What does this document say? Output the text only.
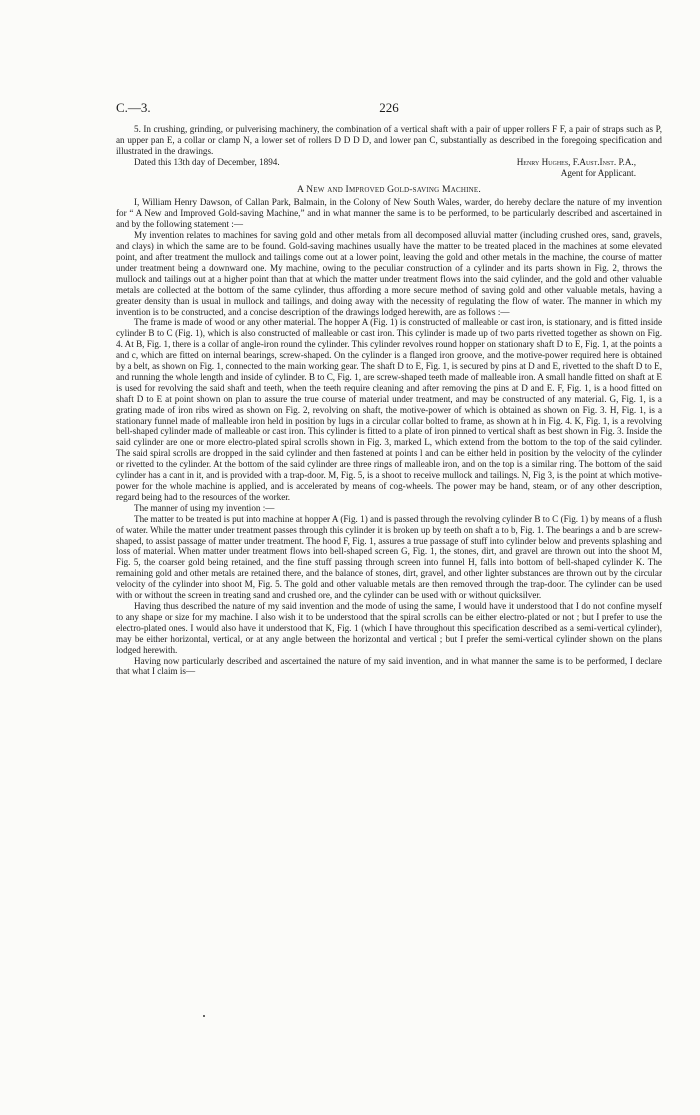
C.—3.	226

5. In crushing, grinding, or pulverising machinery, the combination of a vertical shaft with a pair of upper rollers F F, a pair of straps such as P, an upper pan E, a collar or clamp N, a lower set of rollers D D D D, and lower pan C, substantially as described in the foregoing specification and illustrated in the drawings.

Dated this 13th day of December, 1894.	Henry Hughes, F.Aust.Inst. P.A.,

Agent for Applicant.

A New and Improved Gold-saving Machine.

I, William Henry Dawson, of Callan Park, Balmain, in the Colony of New South Wales, warder, do hereby declare the nature of my invention for “ A New and Improved Gold-saving Machine,” and in what manner the same is to be performed, to be particularly described and ascertained in and by the following statement :—

My invention relates to machines for saving gold and other metals from all decomposed alluvial matter (including crushed ores, sand, gravels, and clays) in which the same are to be found. Gold-saving machines usually have the matter to be treated placed in the machines at some elevated point, and after treatment the mullock and tailings come out at a lower point, leaving the gold and other metals in the machine, the course of matter under treatment being a downward one. My machine, owing to the peculiar construction of a cylinder and its parts shown in Fig. 2, throws the mullock and tailings out at a higher point than that at which the matter under treatment flows into the said cylinder, and the gold and other valuable metals are collected at the bottom of the same cylinder, thus affording a more secure method of saving gold and other valuable metals, having a greater density than is usual in mullock and tailings, and doing away with the necessity of regulating the flow of water. The manner in which my invention is to be constructed, and a concise description of the drawings lodged herewith, are as follows :—

The frame is made of wood or any other material. The hopper A (Fig. 1) is constructed of malleable or cast iron, is stationary, and is fitted inside cylinder B to C (Fig. 1), which is also constructed of malleable or cast iron. This cylinder is made up of two parts rivetted together as shown on Fig. 4. At B, Fig. 1, there is a collar of angle-iron round the cylinder. This cylinder revolves round hopper on stationary shaft D to E, Fig. 1, at the points a and c, which are fitted on internal bearings, screw-shaped. On the cylinder is a flanged iron groove, and the motive-power required here is obtained by a belt, as shown on Fig. 1, connected to the main working gear. The shaft D to E, Fig. 1, is secured by pins at D and E, rivetted to the shaft D to E, and running the whole length and inside of cylinder. B to C, Fig. 1, are screw-shaped teeth made of malleable iron. A small handle fitted on shaft at E is used for revolving the said shaft and teeth, when the teeth require cleaning and after removing the pins at D and E. F, Fig. 1, is a hood fitted on shaft D to E at point shown on plan to assure the true course of material under treatment, and may be constructed of any material. G, Fig. 1, is a grating made of iron ribs wired as shown on Fig. 2, revolving on shaft, the motive-power of which is obtained as shown on Fig. 3. H, Fig. 1, is a stationary funnel made of malleable iron held in position by lugs in a circular collar bolted to frame, as shown at h in Fig. 4. K, Fig. 1, is a revolving bell-shaped cylinder made of malleable or cast iron. This cylinder is fitted to a plate of iron pinned to vertical shaft as best shown in Fig. 3. Inside the said cylinder are one or more electro-plated spiral scrolls shown in Fig. 3, marked L, which extend from the bottom to the top of the said cylinder. The said spiral scrolls are dropped in the said cylinder and then fastened at points l and can be either held in position by the velocity of the cylinder or rivetted to the cylinder. At the bottom of the said cylinder are three rings of malleable iron, and on the top is a similar ring. The bottom of the said cylinder has a cant in it, and is provided with a trap-door. M, Fig. 5, is a shoot to receive mullock and tailings. N, Fig 3, is the point at which motive-power for the whole machine is applied, and is accelerated by means of cog-wheels. The power may be hand, steam, or of any other description, regard being had to the resources of the worker.

The manner of using my invention :—

The matter to be treated is put into machine at hopper A (Fig. 1) and is passed through the revolving cylinder B to C (Fig. 1) by means of a flush of water. While the matter under treatment passes through this cylinder it is broken up by teeth on shaft a to b, Fig. 1. The bearings a and b are screw-shaped, to assist passage of matter under treatment. The hood F, Fig. 1, assures a true passage of stuff into cylinder below and prevents splashing and loss of material. When matter under treatment flows into bell-shaped screen G, Fig. 1, the stones, dirt, and gravel are thrown out into the shoot M, Fig. 5, the coarser gold being retained, and the fine stuff passing through screen into funnel H, falls into bottom of bell-shaped cylinder K. The remaining gold and other metals are retained there, and the balance of stones, dirt, gravel, and other lighter substances are thrown out by the circular velocity of the cylinder into shoot M, Fig. 5. The gold and other valuable metals are then removed through the trap-door. The cylinder can be used with or without the screen in treating sand and crushed ore, and the cylinder can be used with or without quicksilver.

Having thus described the nature of my said invention and the mode of using the same, I would have it understood that I do not confine myself to any shape or size for my machine. I also wish it to be understood that the spiral scrolls can be either electro-plated or not ; but I prefer to use the electro-plated ones. I would also have it understood that K, Fig. 1 (which I have throughout this specification described as a semi-vertical cylinder), may be either horizontal, vertical, or at any angle between the horizontal and vertical ; but I prefer the semi-vertical cylinder shown on the plans lodged herewith.

Having now particularly described and ascertained the nature of my said invention, and in what manner the same is to be performed, I declare that what I claim is—
